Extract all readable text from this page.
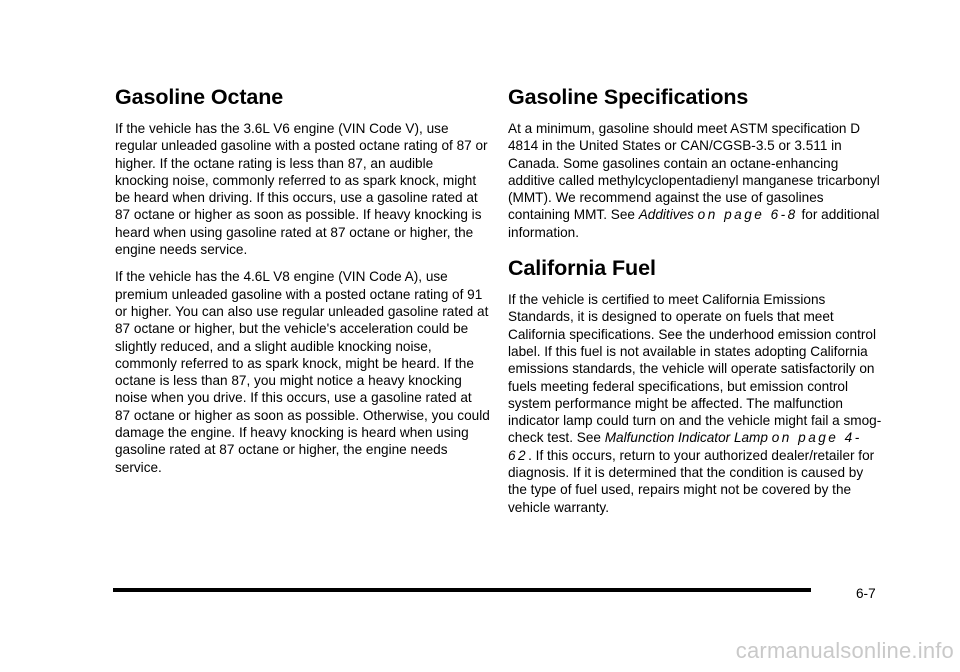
Gasoline Octane

If the vehicle has the 3.6L V6 engine (VIN Code V), use regular unleaded gasoline with a posted octane rating of 87 or higher. If the octane rating is less than 87, an audible knocking noise, commonly referred to as spark knock, might be heard when driving. If this occurs, use a gasoline rated at 87 octane or higher as soon as possible. If heavy knocking is heard when using gasoline rated at 87 octane or higher, the engine needs service.

If the vehicle has the 4.6L V8 engine (VIN Code A), use premium unleaded gasoline with a posted octane rating of 91 or higher. You can also use regular unleaded gasoline rated at 87 octane or higher, but the vehicle's acceleration could be slightly reduced, and a slight audible knocking noise, commonly referred to as spark knock, might be heard. If the octane is less than 87, you might notice a heavy knocking noise when you drive. If this occurs, use a gasoline rated at 87 octane or higher as soon as possible. Otherwise, you could damage the engine. If heavy knocking is heard when using gasoline rated at 87 octane or higher, the engine needs service.

Gasoline Specifications

At a minimum, gasoline should meet ASTM specification D 4814 in the United States or CAN/CGSB-3.5 or 3.511 in Canada. Some gasolines contain an octane-enhancing additive called methylcyclopentadienyl manganese tricarbonyl (MMT). We recommend against the use of gasolines containing MMT. See Additives on page 6-8 for additional information.

California Fuel

If the vehicle is certified to meet California Emissions Standards, it is designed to operate on fuels that meet California specifications. See the underhood emission control label. If this fuel is not available in states adopting California emissions standards, the vehicle will operate satisfactorily on fuels meeting federal specifications, but emission control system performance might be affected. The malfunction indicator lamp could turn on and the vehicle might fail a smog-check test. See Malfunction Indicator Lamp on page 4-62. If this occurs, return to your authorized dealer/retailer for diagnosis. If it is determined that the condition is caused by the type of fuel used, repairs might not be covered by the vehicle warranty.

6-7
carmanualsonline.info
